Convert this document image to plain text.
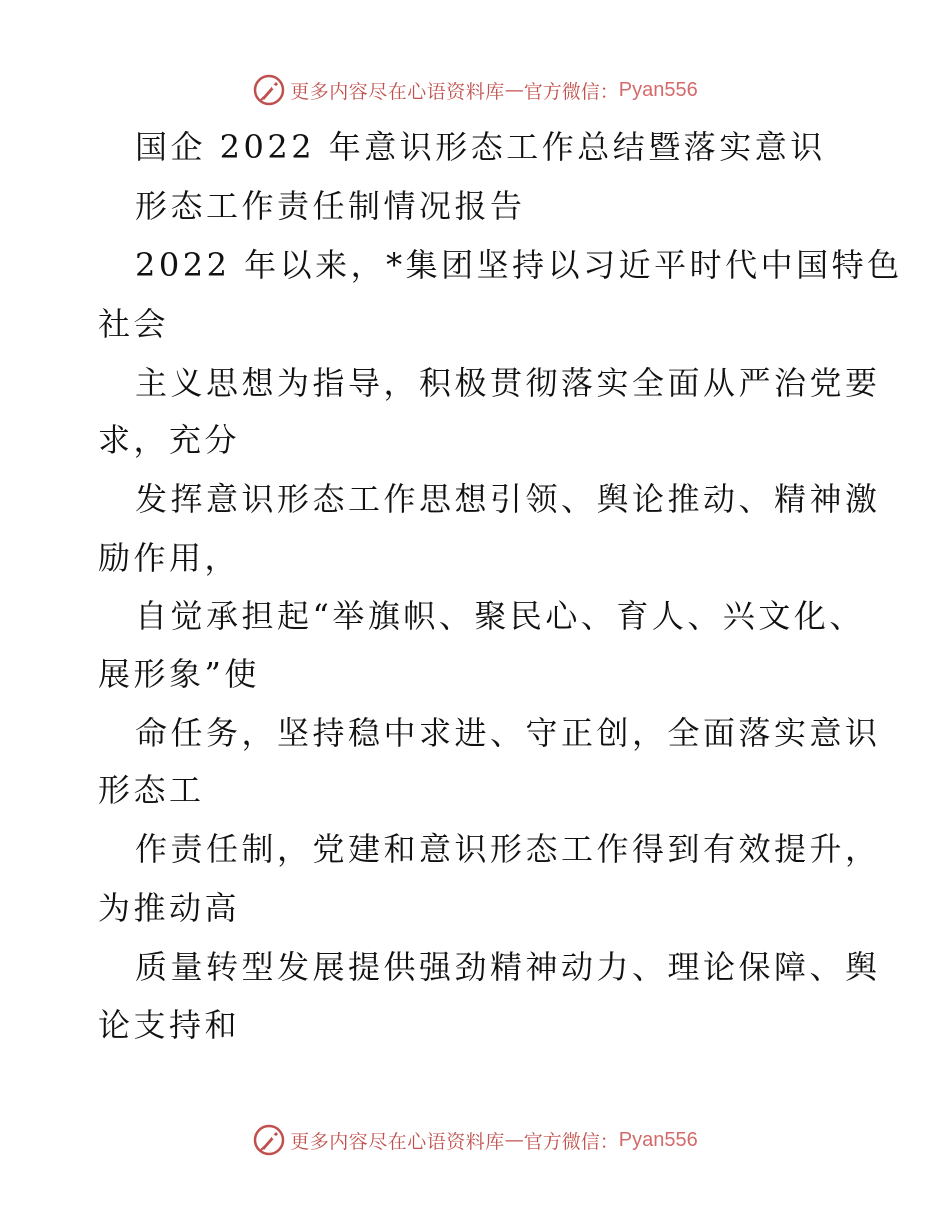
更多内容尽在心语资料库 — 官方微信： Pyan556
国企 2022 年意识形态工作总结暨落实意识
形态工作责任制情况报告
2022 年以来，*集团坚持以习近平时代中国特色
社会
主义思想为指导，积极贯彻落实全面从严治党要
求，充分
发挥意识形态工作思想引领、舆论推动、精神激
励作用，
自觉承担起“举旗帜、聚民心、育人、兴文化、
展形象”使
命任务，坚持稳中求进、守正创，全面落实意识
形态工
作责任制，党建和意识形态工作得到有效提升，
为推动高
质量转型发展提供强劲精神动力、理论保障、舆
论支持和
更多内容尽在心语资料库 — 官方微信： Pyan556
